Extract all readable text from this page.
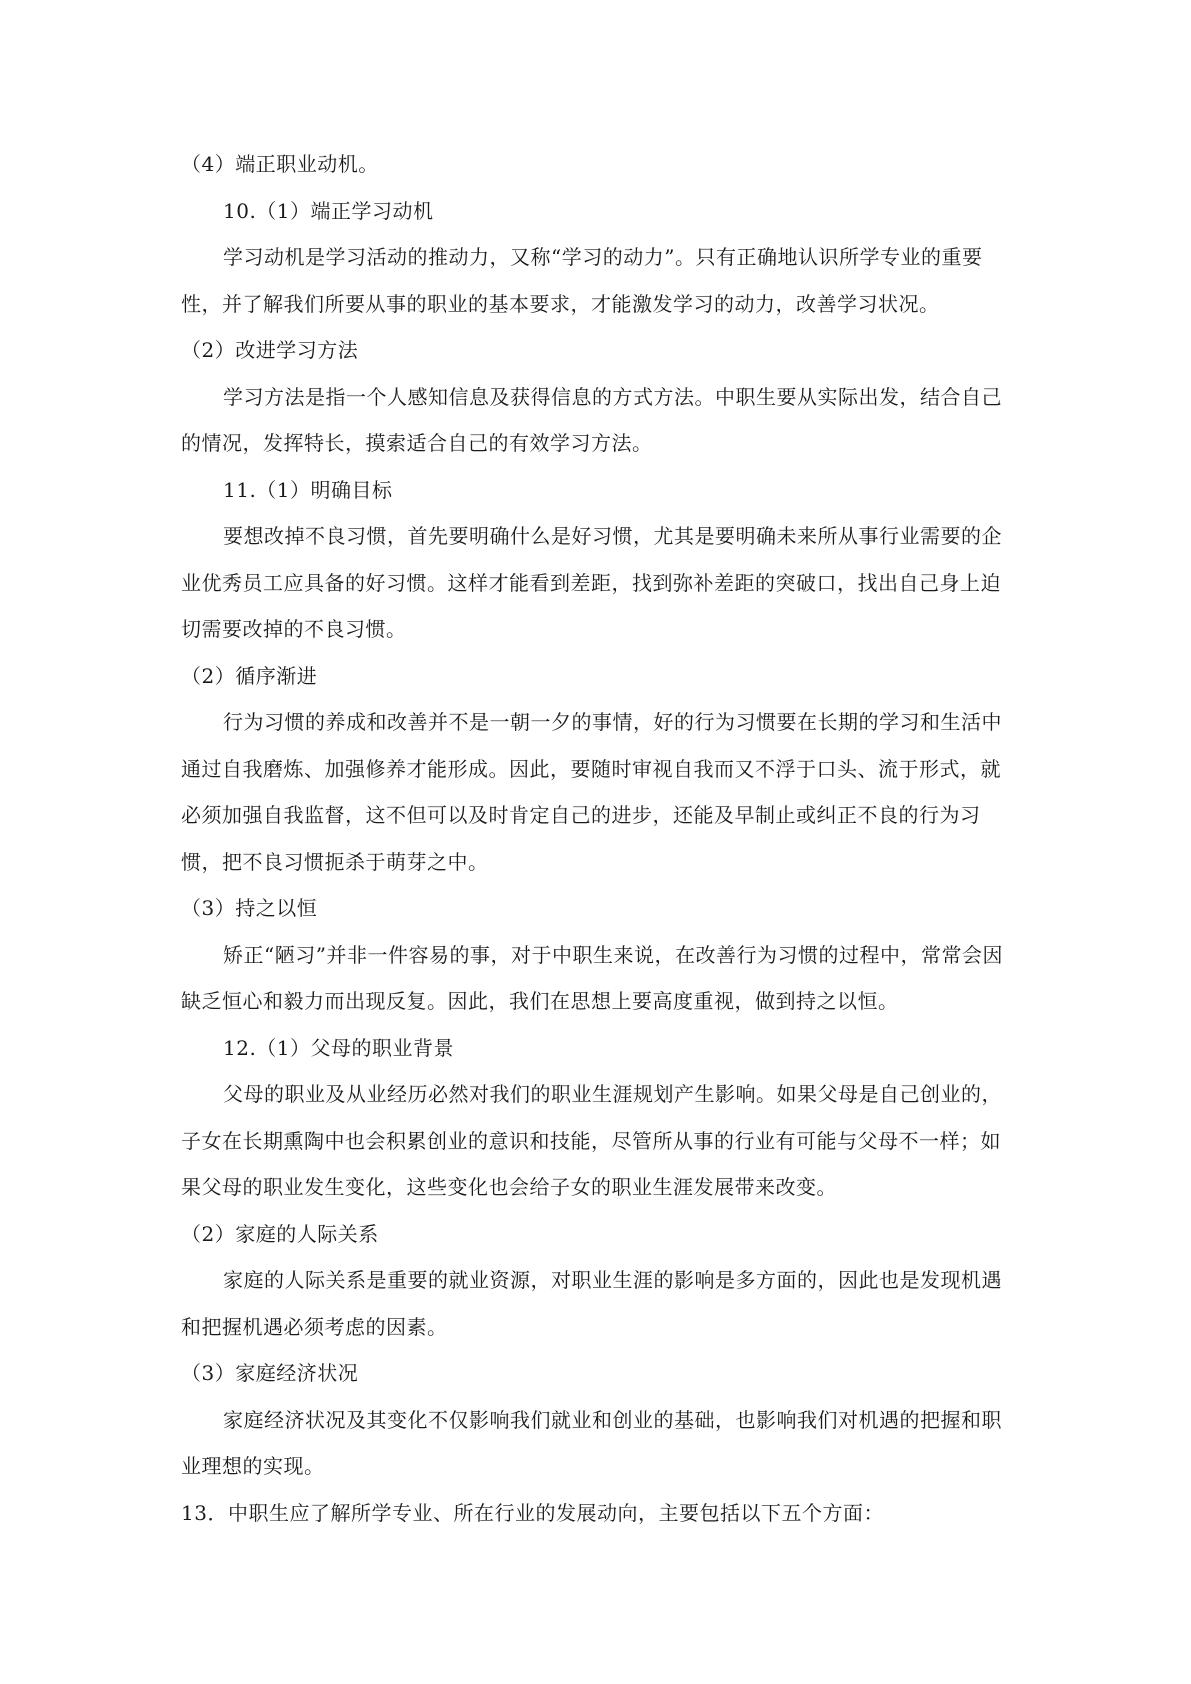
（4）端正职业动机。

10.（1）端正学习动机

学习动机是学习活动的推动力，又称“学习的动力”。只有正确地认识所学专业的重要性，并了解我们所要从事的职业的基本要求，才能激发学习的动力，改善学习状况。

（2）改进学习方法

学习方法是指一个人感知信息及获得信息的方式方法。中职生要从实际出发，结合自己的情况，发挥特长，摸索适合自己的有效学习方法。

11.（1）明确目标

要想改掉不良习惯，首先要明确什么是好习惯，尤其是要明确未来所从事行业需要的企业优秀员工应具备的好习惯。这样才能看到差距，找到弥补差距的突破口，找出自己身上迫切需要改掉的不良习惯。

（2）循序渐进

行为习惯的养成和改善并不是一朝一夕的事情，好的行为习惯要在长期的学习和生活中通过自我磨炼、加强修养才能形成。因此，要随时审视自我而又不浮于口头、流于形式，就必须加强自我监督，这不但可以及时肯定自己的进步，还能及早制止或纠正不良的行为习惯，把不良习惯扼杀于萌芽之中。

（3）持之以恒

矫正“陋习”并非一件容易的事，对于中职生来说，在改善行为习惯的过程中，常常会因缺乏恒心和毅力而出现反复。因此，我们在思想上要高度重视，做到持之以恒。

12.（1）父母的职业背景

父母的职业及从业经历必然对我们的职业生涯规划产生影响。如果父母是自己创业的，子女在长期熏陶中也会积累创业的意识和技能，尽管所从事的行业有可能与父母不一样；如果父母的职业发生变化，这些变化也会给子女的职业生涯发展带来改变。

（2）家庭的人际关系

家庭的人际关系是重要的就业资源，对职业生涯的影响是多方面的，因此也是发现机遇和把握机遇必须考虑的因素。

（3）家庭经济状况

家庭经济状况及其变化不仅影响我们就业和创业的基础，也影响我们对机遇的把握和职业理想的实现。

13．中职生应了解所学专业、所在行业的发展动向，主要包括以下五个方面：
